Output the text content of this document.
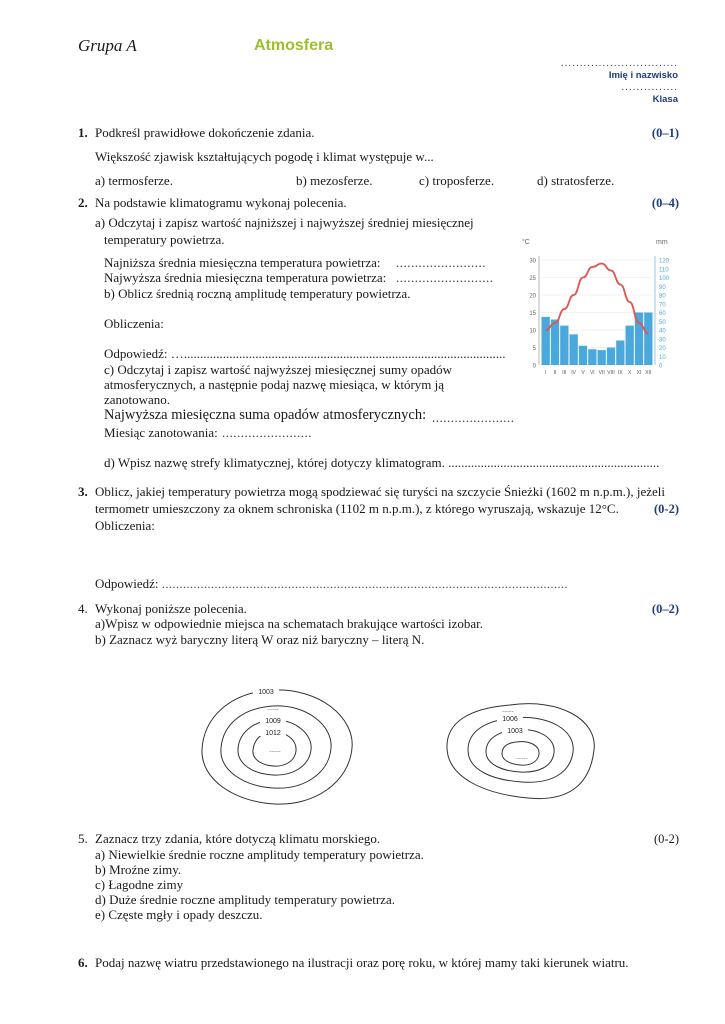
Grupa A	Atmosfera
...............................
Imię i nazwisko
...............
Klasa
1. Podkreśl prawidłowe dokończenie zdania.	(0–1)
Większość zjawisk kształtujących pogodę i klimat występuje w...
a) termosferze.	b) mezosferze.	c) troposferze.	d) stratosferze.
2. Na podstawie klimatogramu wykonaj polecenia.	(0–4)
a) Odczytaj i zapisz wartość najniższej i najwyższej średniej miesięcznej
temperatury powietrza.
Najniższa średnia miesięczna temperatura powietrza: ........................
Najwyższa średnia miesięczna temperatura powietrza: ..........................
b) Oblicz średnią roczną amplitudę temperatury powietrza.
Obliczenia:
Odpowiedź: …...................................................................................................
c) Odczytaj i zapisz wartość najwyższej miesięcznej sumy opadów
atmosferycznych, a następnie podaj nazwę miesiąca, w którym ją
zanotowano.
Najwyższa miesięczna suma opadów atmosferycznych: ......................
Miesiąc zanotowania: ........................
d) Wpisz nazwę strefy klimatycznej, której dotyczy klimatogram. .................................................................
°C	mm
30
25
20
15
10
5
0
120
110
100
90
80
70
60
50
40
30
20
10
0
I II III IV V VI VII VIII IX X XI XII
3. Oblicz, jakiej temperatury powietrza mogą spodziewać się turyści na szczycie Śnieżki (1602 m n.p.m.), jeżeli
termometr umieszczony za oknem schroniska (1102 m n.p.m.), z którego wyruszają, wskazuje 12°C.	(0-2)
Obliczenia:
Odpowiedź: ....................................................................................................................
4. Wykonaj poniższe polecenia.	(0–2)
a)Wpisz w odpowiednie miejsca na schematach brakujące wartości izobar.
b) Zaznacz wyż baryczny literą W oraz niż baryczny – literą N.
1003
......
1009
1012
......
......
1006
1003
......
5. Zaznacz trzy zdania, które dotyczą klimatu morskiego.	(0-2)
a) Niewielkie średnie roczne amplitudy temperatury powietrza.
b) Mroźne zimy.
c) Łagodne zimy
d) Duże średnie roczne amplitudy temperatury powietrza.
e) Częste mgły i opady deszczu.
6. Podaj nazwę wiatru przedstawionego na ilustracji oraz porę roku, w której mamy taki kierunek wiatru.
